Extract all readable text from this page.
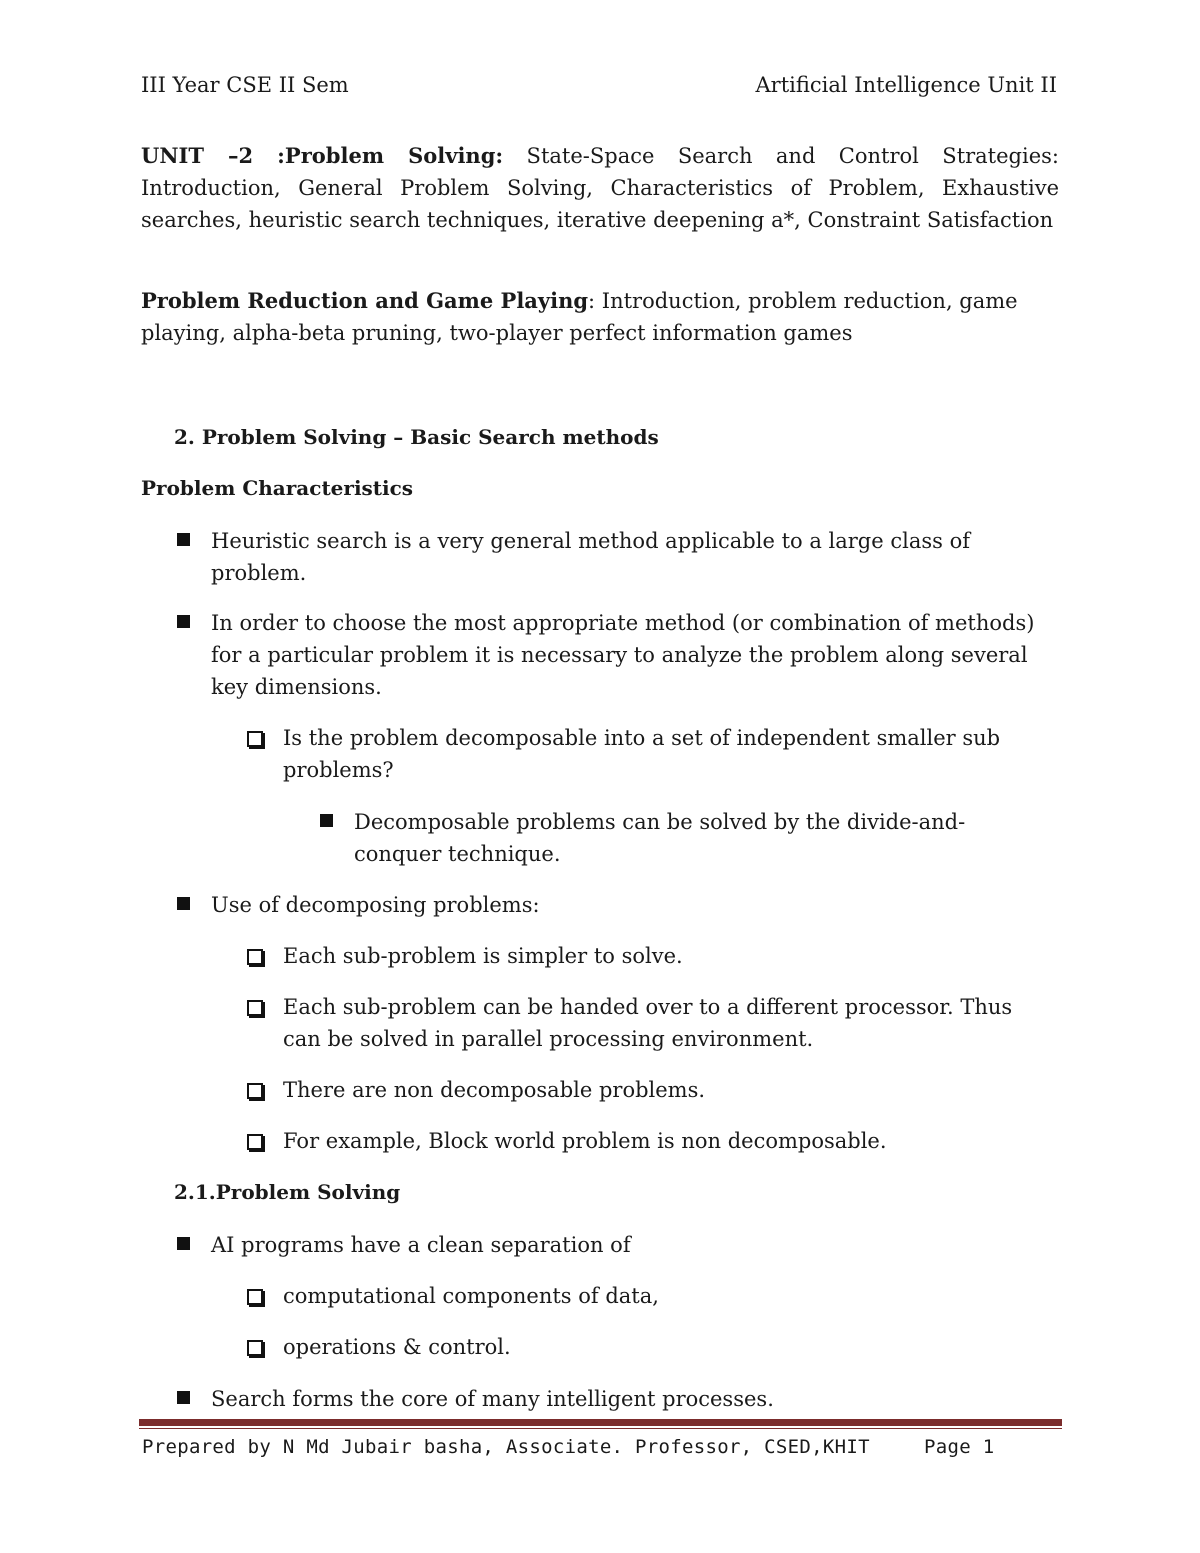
III Year CSE II Sem	Artificial Intelligence Unit II

UNIT –2 :Problem Solving: State-Space Search and Control Strategies: Introduction, General Problem Solving, Characteristics of Problem, Exhaustive searches, heuristic search techniques, iterative deepening a*, Constraint Satisfaction

Problem Reduction and Game Playing: Introduction, problem reduction, game playing, alpha-beta pruning, two-player perfect information games

2. Problem Solving – Basic Search methods
Problem Characteristics

Heuristic search is a very general method applicable to a large class of problem.

In order to choose the most appropriate method (or combination of methods) for a particular problem it is necessary to analyze the problem along several key dimensions.

Is the problem decomposable into a set of independent smaller sub problems?

Decomposable problems can be solved by the divide-and-conquer technique.

Use of decomposing problems:

Each sub-problem is simpler to solve.

Each sub-problem can be handed over to a different processor. Thus can be solved in parallel processing environment.

There are non decomposable problems.

For example, Block world problem is non decomposable.

2.1.Problem Solving

AI programs have a clean separation of

computational components of data,

operations & control.

Search forms the core of many intelligent processes.

Prepared by N Md Jubair basha, Associate. Professor, CSED,KHIT	Page 1
